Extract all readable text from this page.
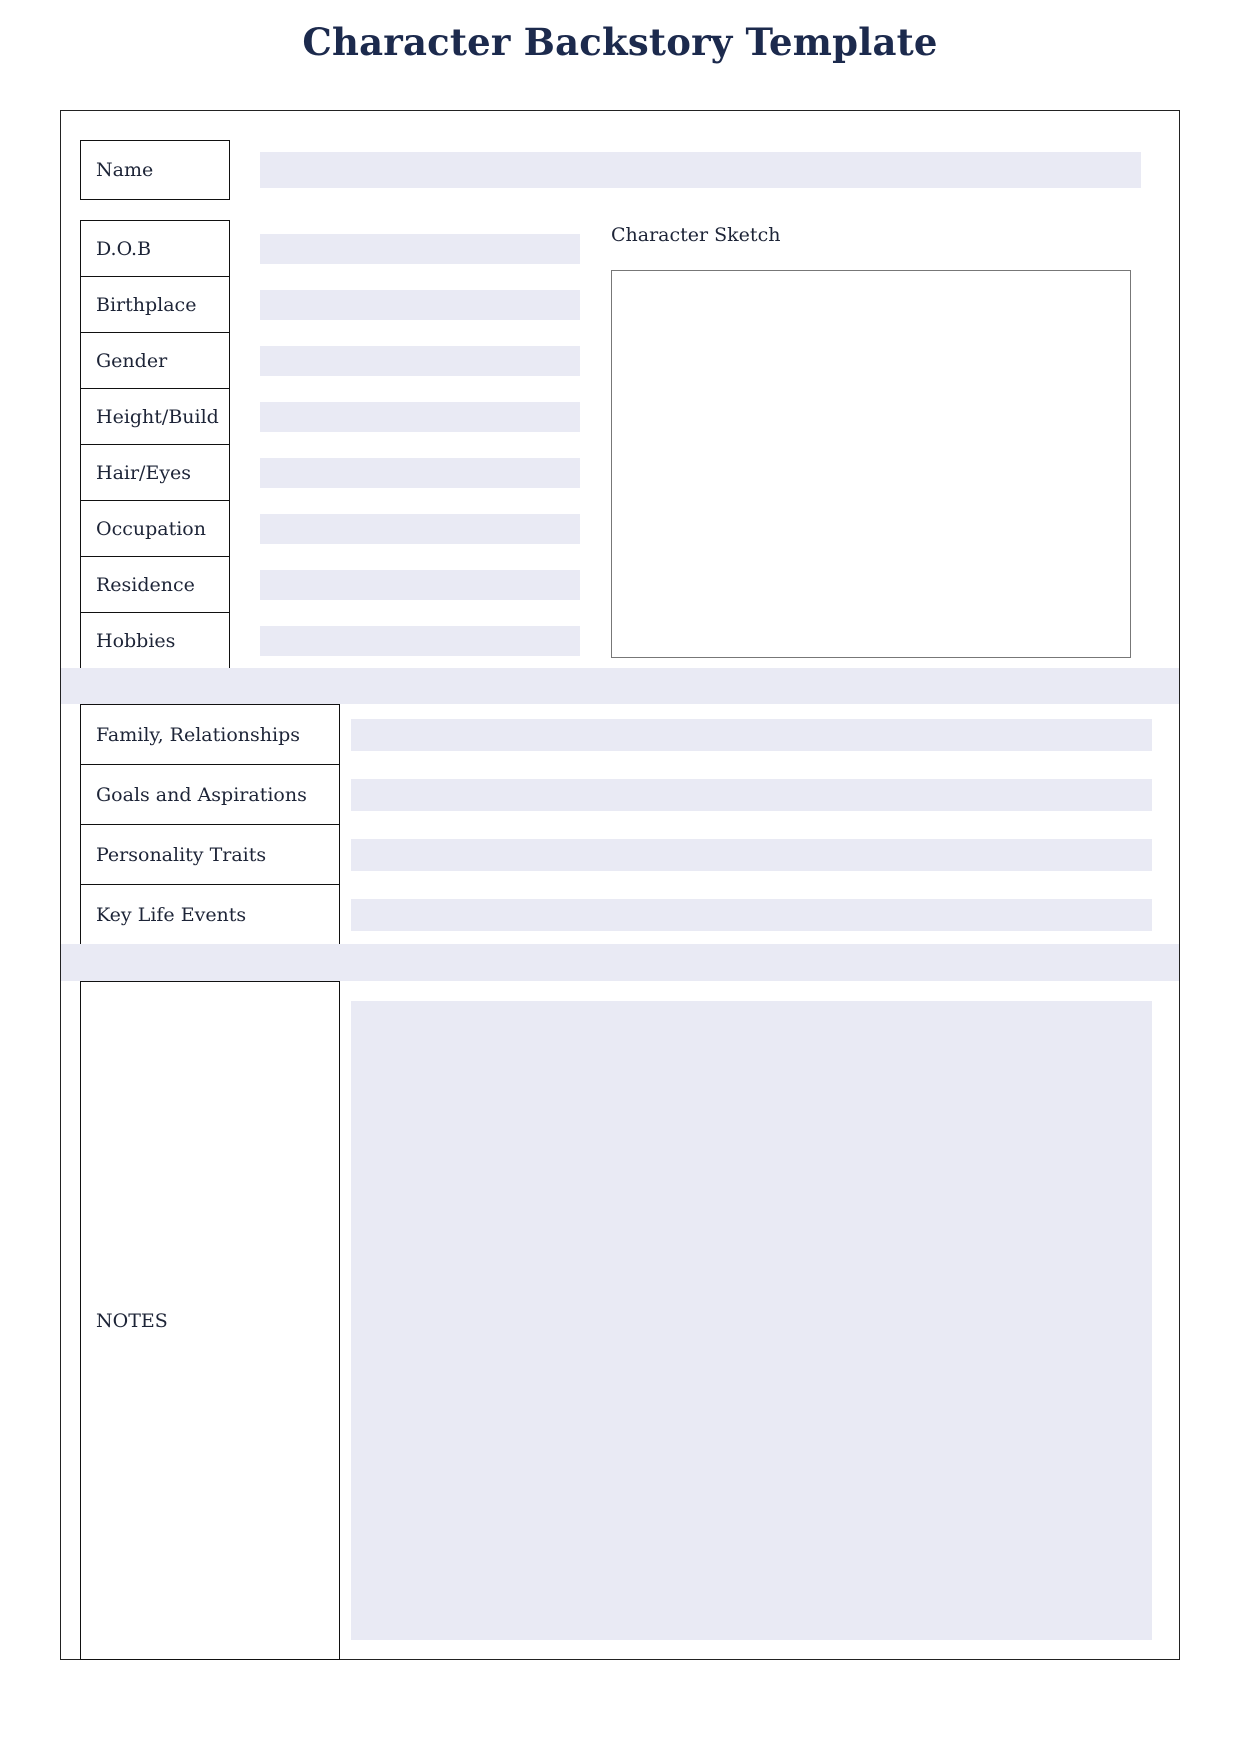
Character Backstory Template
Name
D.O.B
Birthplace
Gender
Height/Build
Hair/Eyes
Occupation
Residence
Hobbies
Character Sketch
Family, Relationships
Goals and Aspirations
Personality Traits
Key Life Events
NOTES
